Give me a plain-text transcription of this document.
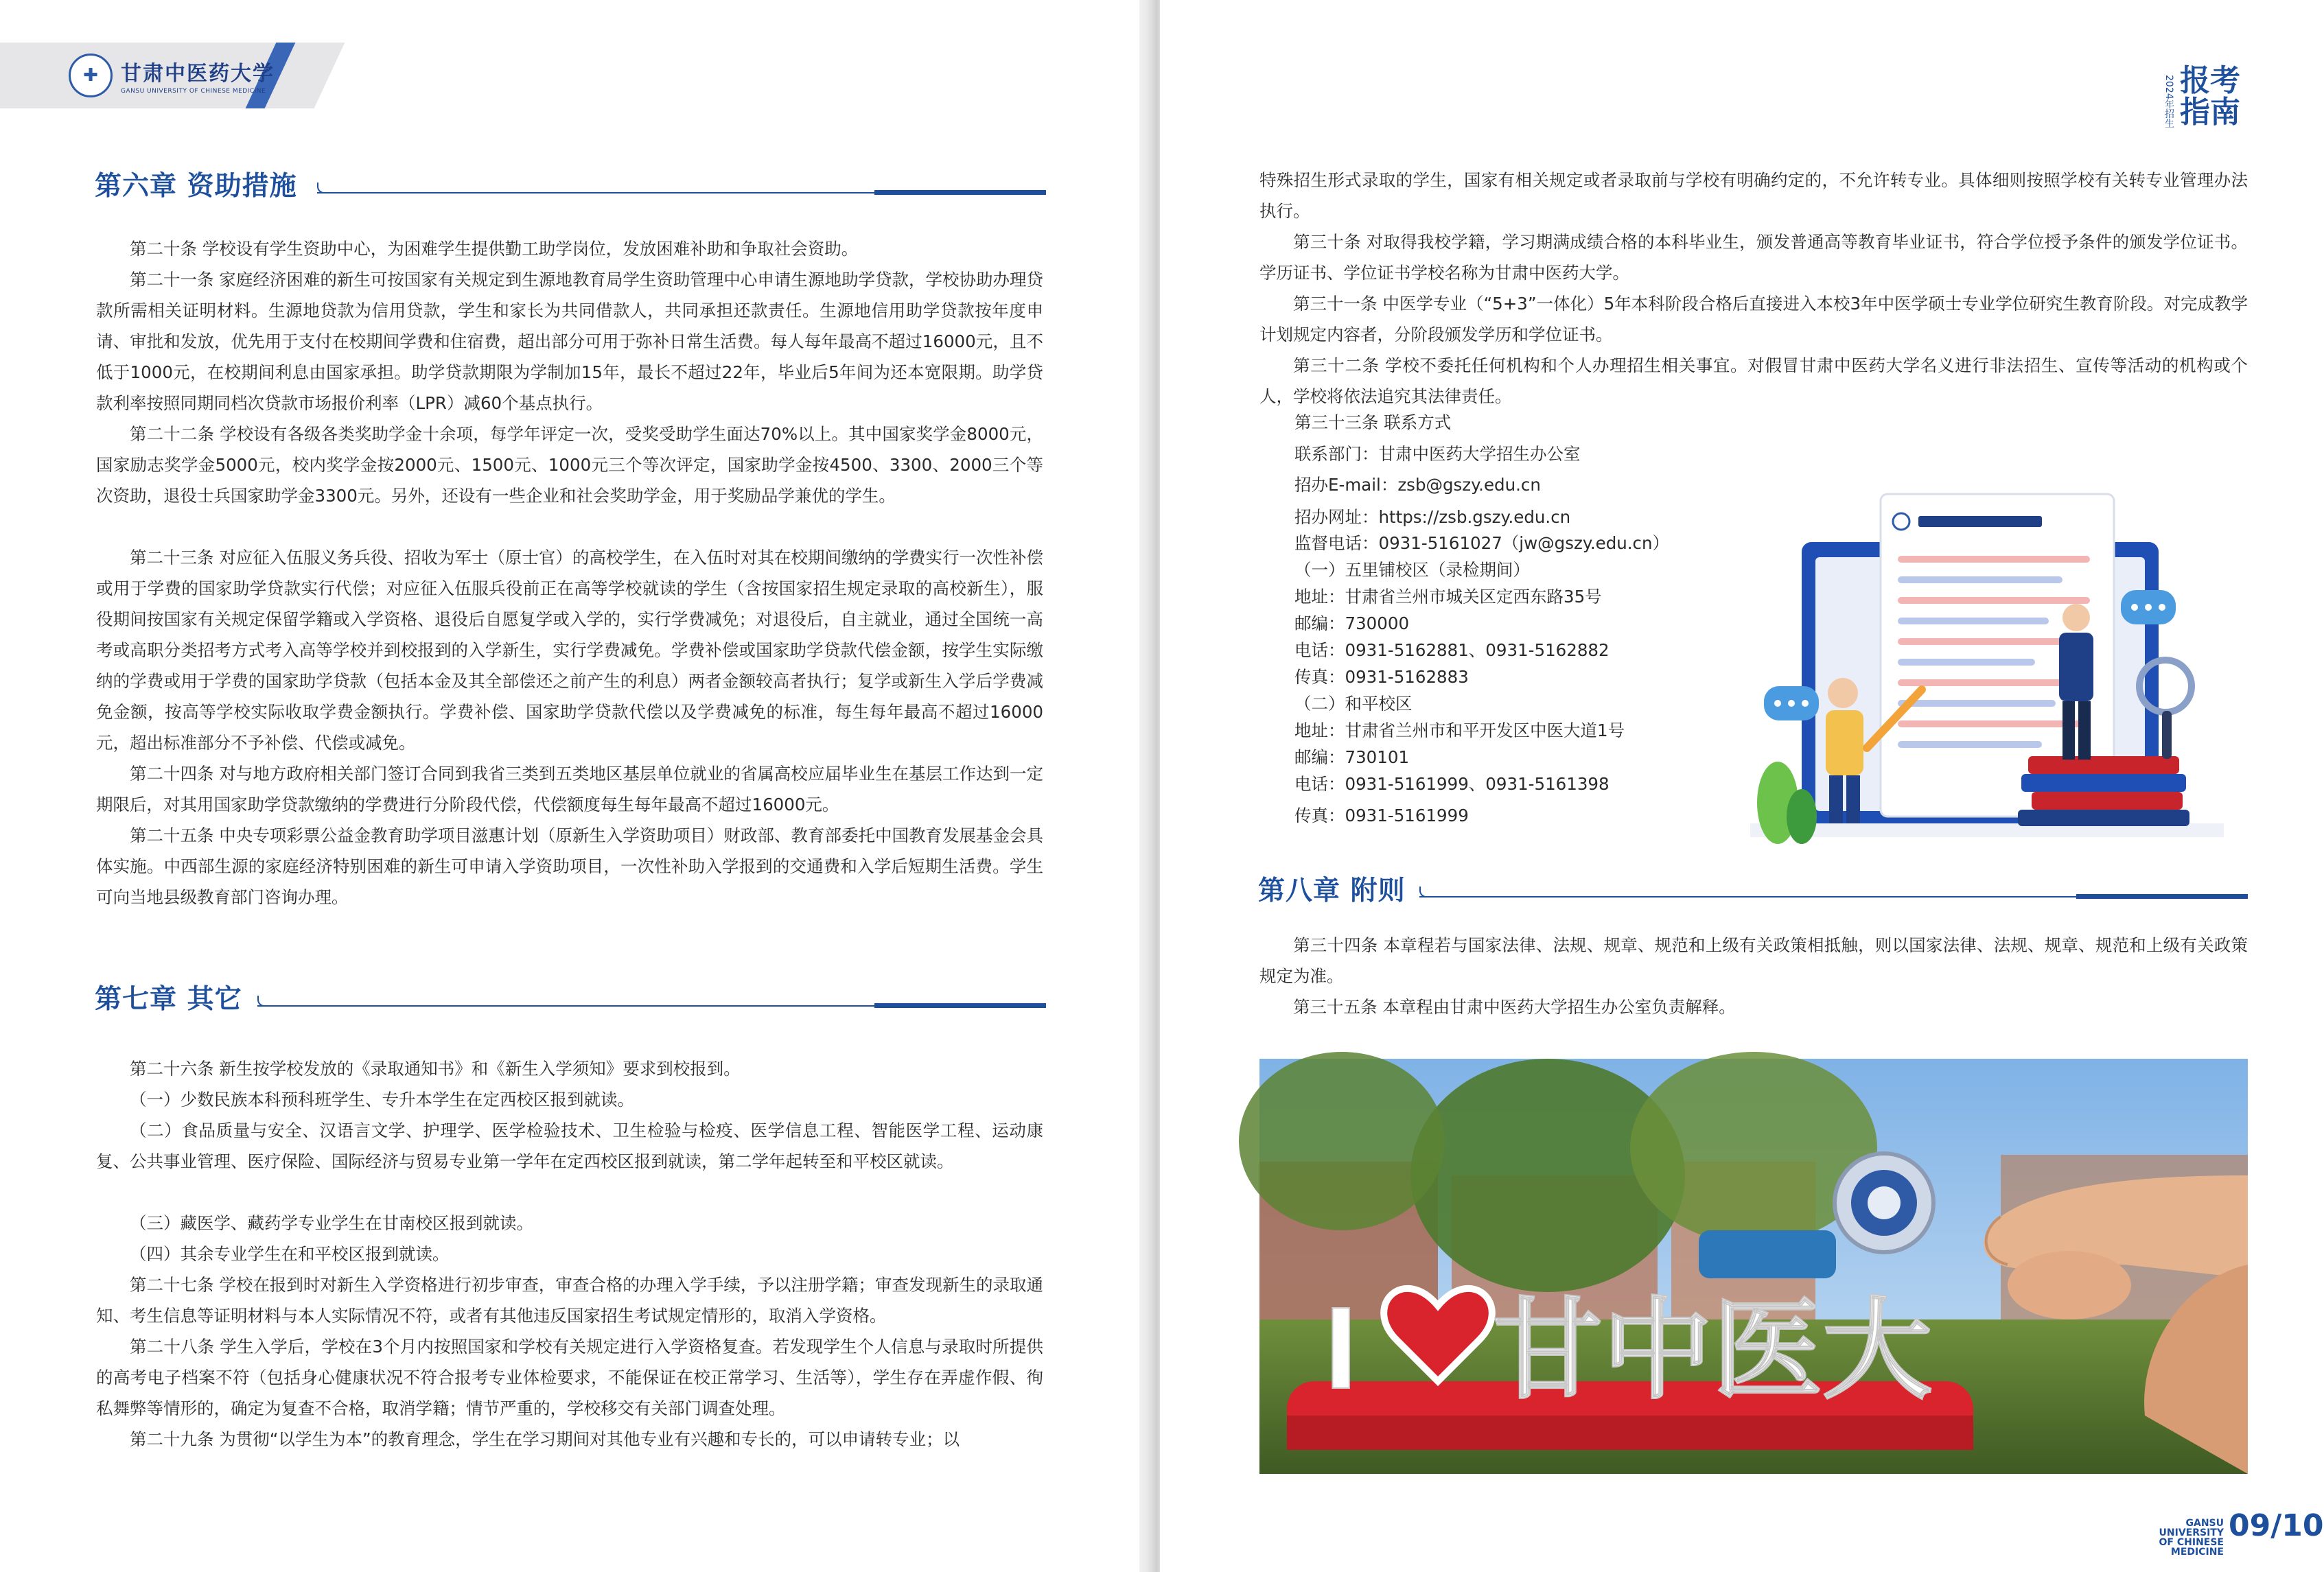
✚	甘肃中医药大学
GANSU UNIVERSITY OF CHINESE MEDICINE
第六章 资助措施
第二十条 学校设有学生资助中心，为困难学生提供勤工助学岗位，发放困难补助和争取社会资助。
第二十一条 家庭经济困难的新生可按国家有关规定到生源地教育局学生资助管理中心申请生源地助学贷款，学校协助办理贷款所需相关证明材料。生源地贷款为信用贷款，学生和家长为共同借款人，共同承担还款责任。生源地信用助学贷款按年度申请、审批和发放，优先用于支付在校期间学费和住宿费，超出部分可用于弥补日常生活费。每人每年最高不超过16000元，且不低于1000元，在校期间利息由国家承担。助学贷款期限为学制加15年，最长不超过22年，毕业后5年间为还本宽限期。助学贷款利率按照同期同档次贷款市场报价利率（LPR）减60个基点执行。
第二十二条 学校设有各级各类奖助学金十余项，每学年评定一次，受奖受助学生面达70%以上。其中国家奖学金8000元，国家励志奖学金5000元，校内奖学金按2000元、1500元、1000元三个等次评定，国家助学金按4500、3300、2000三个等次资助，退役士兵国家助学金3300元。另外，还设有一些企业和社会奖助学金，用于奖励品学兼优的学生。
第二十三条 对应征入伍服义务兵役、招收为军士（原士官）的高校学生，在入伍时对其在校期间缴纳的学费实行一次性补偿或用于学费的国家助学贷款实行代偿；对应征入伍服兵役前正在高等学校就读的学生（含按国家招生规定录取的高校新生），服役期间按国家有关规定保留学籍或入学资格、退役后自愿复学或入学的，实行学费减免；对退役后，自主就业，通过全国统一高考或高职分类招考方式考入高等学校并到校报到的入学新生，实行学费减免。学费补偿或国家助学贷款代偿金额，按学生实际缴纳的学费或用于学费的国家助学贷款（包括本金及其全部偿还之前产生的利息）两者金额较高者执行；复学或新生入学后学费减免金额，按高等学校实际收取学费金额执行。学费补偿、国家助学贷款代偿以及学费减免的标准，每生每年最高不超过16000元，超出标准部分不予补偿、代偿或减免。
第二十四条 对与地方政府相关部门签订合同到我省三类到五类地区基层单位就业的省属高校应届毕业生在基层工作达到一定期限后，对其用国家助学贷款缴纳的学费进行分阶段代偿，代偿额度每生每年最高不超过16000元。
第二十五条 中央专项彩票公益金教育助学项目滋惠计划（原新生入学资助项目）财政部、教育部委托中国教育发展基金会具体实施。中西部生源的家庭经济特别困难的新生可申请入学资助项目，一次性补助入学报到的交通费和入学后短期生活费。学生可向当地县级教育部门咨询办理。
第七章 其它
第二十六条 新生按学校发放的《录取通知书》和《新生入学须知》要求到校报到。
（一）少数民族本科预科班学生、专升本学生在定西校区报到就读。
（二）食品质量与安全、汉语言文学、护理学、医学检验技术、卫生检验与检疫、医学信息工程、智能医学工程、运动康复、公共事业管理、医疗保险、国际经济与贸易专业第一学年在定西校区报到就读，第二学年起转至和平校区就读。
（三）藏医学、藏药学专业学生在甘南校区报到就读。
（四）其余专业学生在和平校区报到就读。
第二十七条 学校在报到时对新生入学资格进行初步审查，审查合格的办理入学手续，予以注册学籍；审查发现新生的录取通知、考生信息等证明材料与本人实际情况不符，或者有其他违反国家招生考试规定情形的，取消入学资格。
第二十八条 学生入学后，学校在3个月内按照国家和学校有关规定进行入学资格复查。若发现学生个人信息与录取时所提供的高考电子档案不符（包括身心健康状况不符合报考专业体检要求，不能保证在校正常学习、生活等），学生存在弄虚作假、徇私舞弊等情形的，确定为复查不合格，取消学籍；情节严重的，学校移交有关部门调查处理。
第二十九条 为贯彻“以学生为本”的教育理念，学生在学习期间对其他专业有兴趣和专长的，可以申请转专业；以
2024年招生 报考
指南
特殊招生形式录取的学生，国家有相关规定或者录取前与学校有明确约定的，不允许转专业。具体细则按照学校有关转专业管理办法执行。
第三十条 对取得我校学籍，学习期满成绩合格的本科毕业生，颁发普通高等教育毕业证书，符合学位授予条件的颁发学位证书。学历证书、学位证书学校名称为甘肃中医药大学。
第三十一条 中医学专业（“5+3”一体化）5年本科阶段合格后直接进入本校3年中医学硕士专业学位研究生教育阶段。对完成教学计划规定内容者，分阶段颁发学历和学位证书。
第三十二条 学校不委托任何机构和个人办理招生相关事宜。对假冒甘肃中医药大学名义进行非法招生、宣传等活动的机构或个人，学校将依法追究其法律责任。
第三十三条 联系方式
联系部门：甘肃中医药大学招生办公室
招办E-mail：zsb@gszy.edu.cn
招办网址：https://zsb.gszy.edu.cn
监督电话：0931-5161027（jw@gszy.edu.cn）
（一）五里铺校区（录检期间）
地址：甘肃省兰州市城关区定西东路35号
邮编：730000
电话：0931-5162881、0931-5162882
传真：0931-5162883
（二）和平校区
地址：甘肃省兰州市和平开发区中医大道1号
邮编：730101
电话：0931-5161999、0931-5161398
传真：0931-5161999
第八章 附则
第三十四条 本章程若与国家法律、法规、规章、规范和上级有关政策相抵触，则以国家法律、法规、规章、规范和上级有关政策规定为准。
第三十五条 本章程由甘肃中医药大学招生办公室负责解释。
I 甘中医大
GANSU UNIVERSITY
OF CHINESE MEDICINE
09/10
